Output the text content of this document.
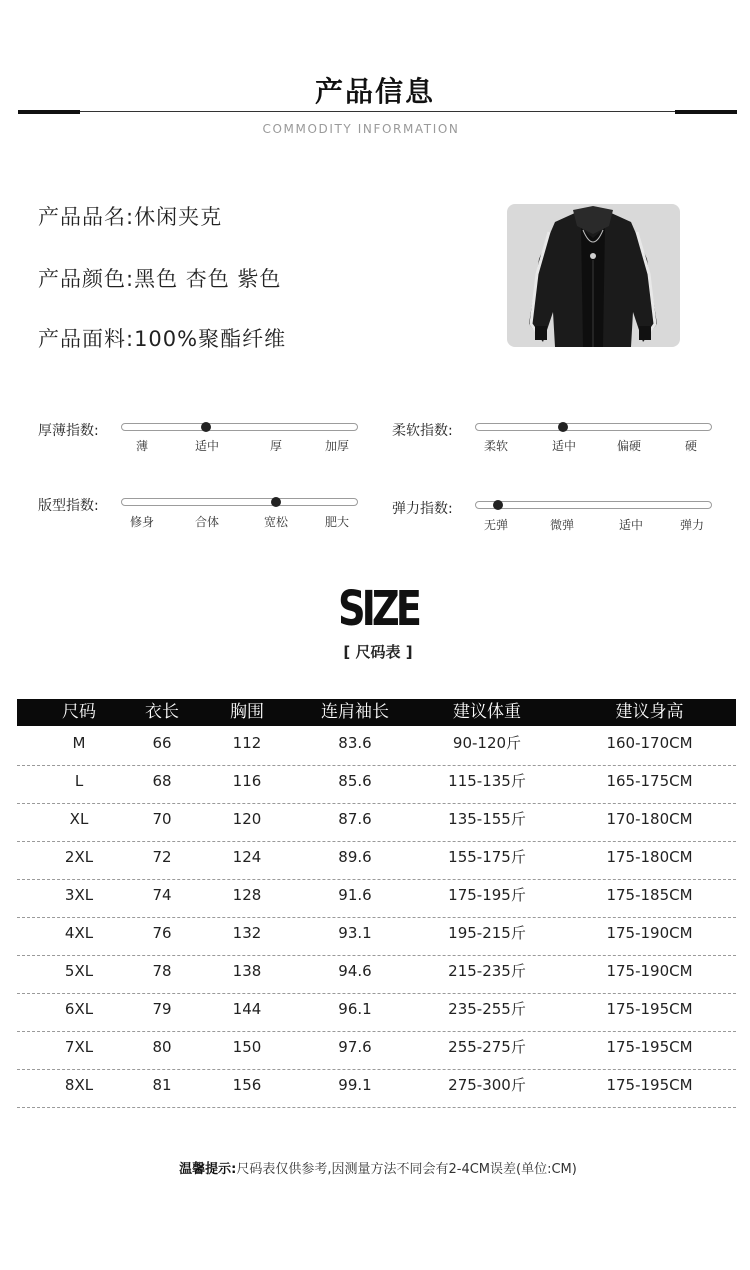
产品信息
COMMODITY INFORMATION
产品品名:休闲夹克
产品颜色:黑色 杏色 紫色
产品面料:100%聚酯纤维
厚薄指数:
薄	适中	厚	加厚
柔软指数:
柔软	适中	偏硬	硬
版型指数:
修身	合体	宽松	肥大
弹力指数:
无弹	微弹	适中	弹力
SIZE
[ 尺码表 ]
尺码	衣长	胸围	连肩袖长	建议体重	建议身高
M	66	112	83.6	90-120斤	160-170CM
L	68	116	85.6	115-135斤	165-175CM
XL	70	120	87.6	135-155斤	170-180CM
2XL	72	124	89.6	155-175斤	175-180CM
3XL	74	128	91.6	175-195斤	175-185CM
4XL	76	132	93.1	195-215斤	175-190CM
5XL	78	138	94.6	215-235斤	175-190CM
6XL	79	144	96.1	235-255斤	175-195CM
7XL	80	150	97.6	255-275斤	175-195CM
8XL	81	156	99.1	275-300斤	175-195CM
温馨提示:尺码表仅供参考,因测量方法不同会有2-4CM误差(单位:CM)
